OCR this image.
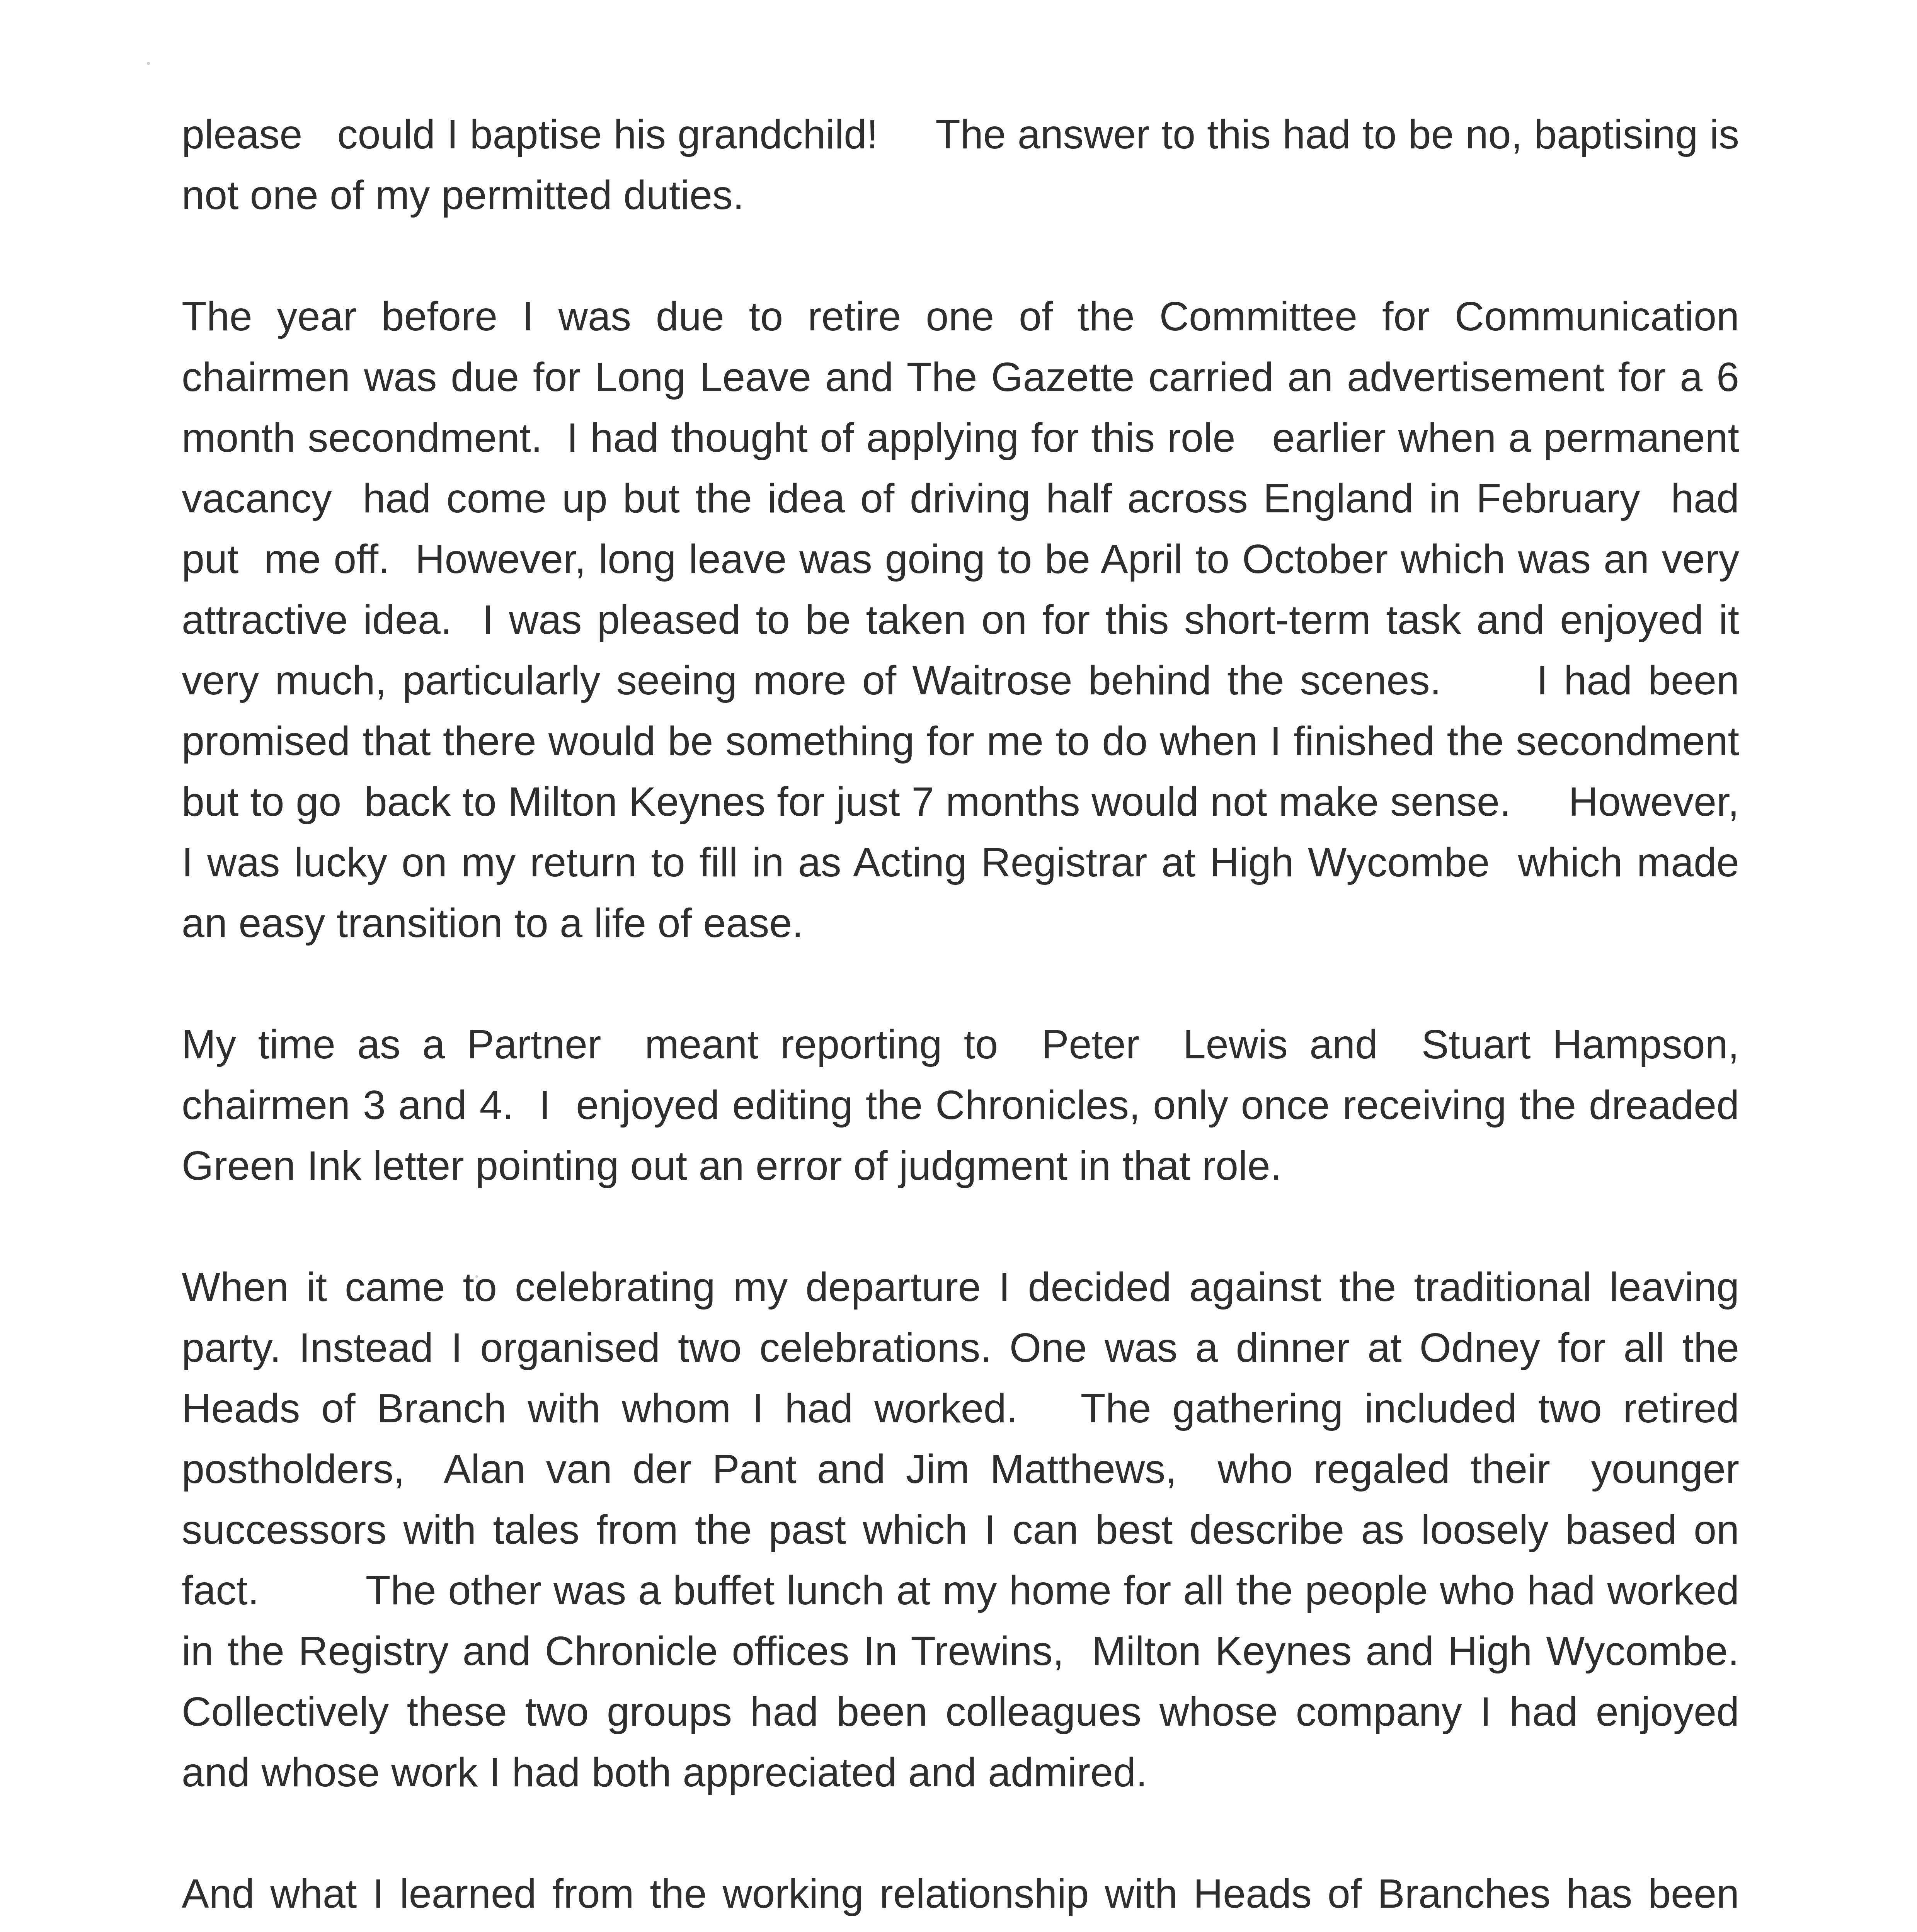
please   could I baptise his grandchild!     The answer to this had to be no, baptising is not one of my permitted duties.

The year before I was due to retire one of the Committee for Communication chairmen was due for Long Leave and The Gazette carried an advertisement for a 6 month secondment.  I had thought of applying for this role   earlier when a permanent vacancy  had come up but the idea of driving half across England in February  had put  me off.  However, long leave was going to be April to October which was an very attractive idea.  I was pleased to be taken on for this short-term task and enjoyed it very much, particularly seeing more of Waitrose behind the scenes.      I had been promised that there would be something for me to do when I finished the secondment  but to go  back to Milton Keynes for just 7 months would not make sense.     However, I was lucky on my return to fill in as Acting Registrar at High Wycombe  which made an easy transition to a life of ease.

My time as a Partner  meant reporting to  Peter  Lewis and  Stuart Hampson, chairmen 3 and 4.  I  enjoyed editing the Chronicles, only once receiving the dreaded Green Ink letter pointing out an error of judgment in that role.

When it came to celebrating my departure I decided against the traditional leaving party. Instead I organised two celebrations. One was a dinner at Odney for all the Heads of Branch with whom I had worked.   The gathering included two retired postholders,  Alan van der Pant and Jim Matthews,  who regaled their  younger successors with tales from the past which I can best describe as loosely based on fact.         The other was a buffet lunch at my home for all the people who had worked in the Registry and Chronicle offices In Trewins,  Milton Keynes and High Wycombe. Collectively these two groups had been colleagues whose company I had enjoyed and whose work I had both appreciated and admired.

And what I learned from the working relationship with Heads of Branches has been
